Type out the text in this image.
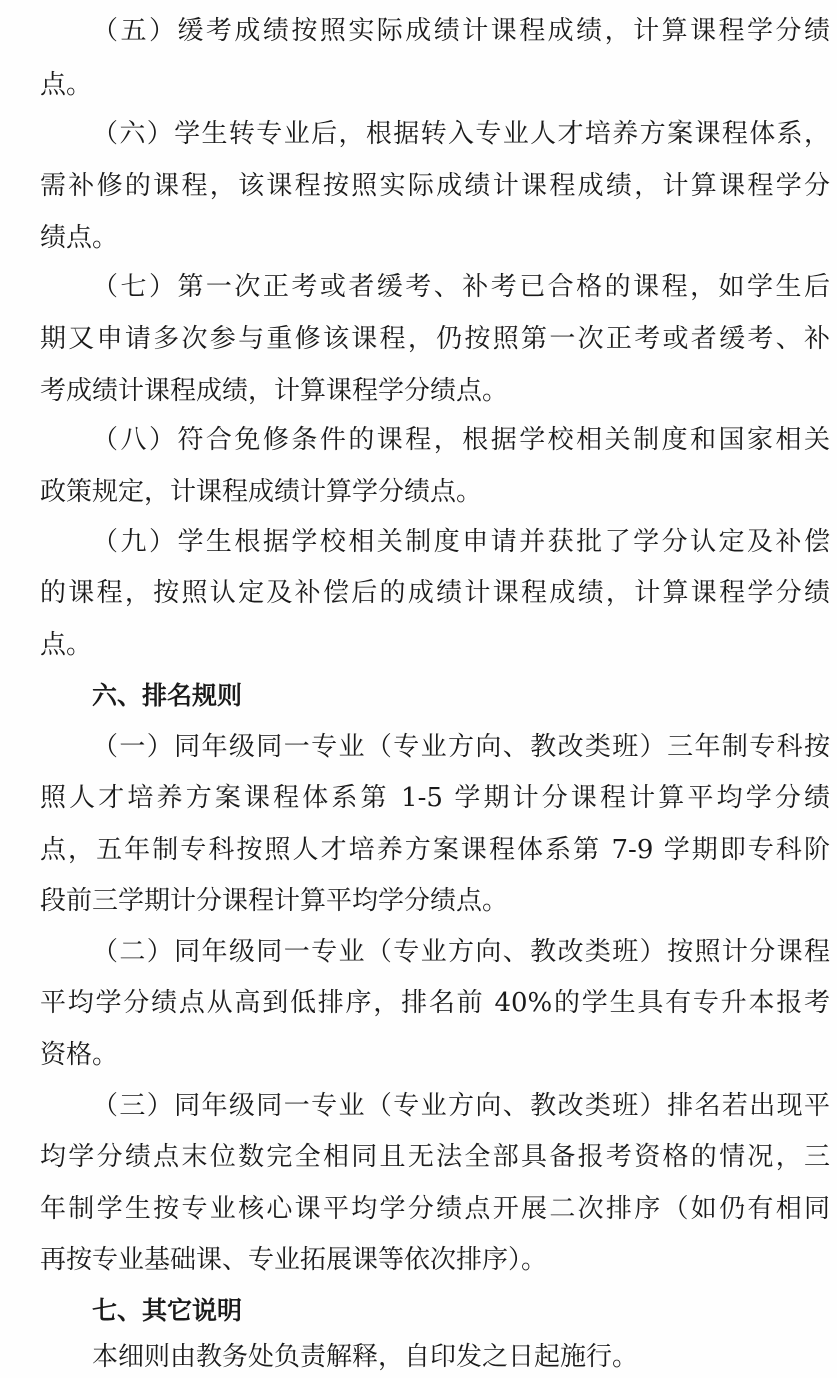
（五）缓考成绩按照实际成绩计课程成绩，计算课程学分绩
点。
（六）学生转专业后，根据转入专业人才培养方案课程体系，
需补修的课程，该课程按照实际成绩计课程成绩，计算课程学分
绩点。
（七）第一次正考或者缓考、补考已合格的课程，如学生后
期又申请多次参与重修该课程，仍按照第一次正考或者缓考、补
考成绩计课程成绩，计算课程学分绩点。
（八）符合免修条件的课程，根据学校相关制度和国家相关
政策规定，计课程成绩计算学分绩点。
（九）学生根据学校相关制度申请并获批了学分认定及补偿
的课程，按照认定及补偿后的成绩计课程成绩，计算课程学分绩
点。
六、排名规则
（一）同年级同一专业（专业方向、教改类班）三年制专科按
照人才培养方案课程体系第 1-5 学期计分课程计算平均学分绩
点，五年制专科按照人才培养方案课程体系第 7-9 学期即专科阶
段前三学期计分课程计算平均学分绩点。
（二）同年级同一专业（专业方向、教改类班）按照计分课程
平均学分绩点从高到低排序，排名前 40%的学生具有专升本报考
资格。
（三）同年级同一专业（专业方向、教改类班）排名若出现平
均学分绩点末位数完全相同且无法全部具备报考资格的情况，三
年制学生按专业核心课平均学分绩点开展二次排序（如仍有相同
再按专业基础课、专业拓展课等依次排序）。
七、其它说明
本细则由教务处负责解释，自印发之日起施行。
